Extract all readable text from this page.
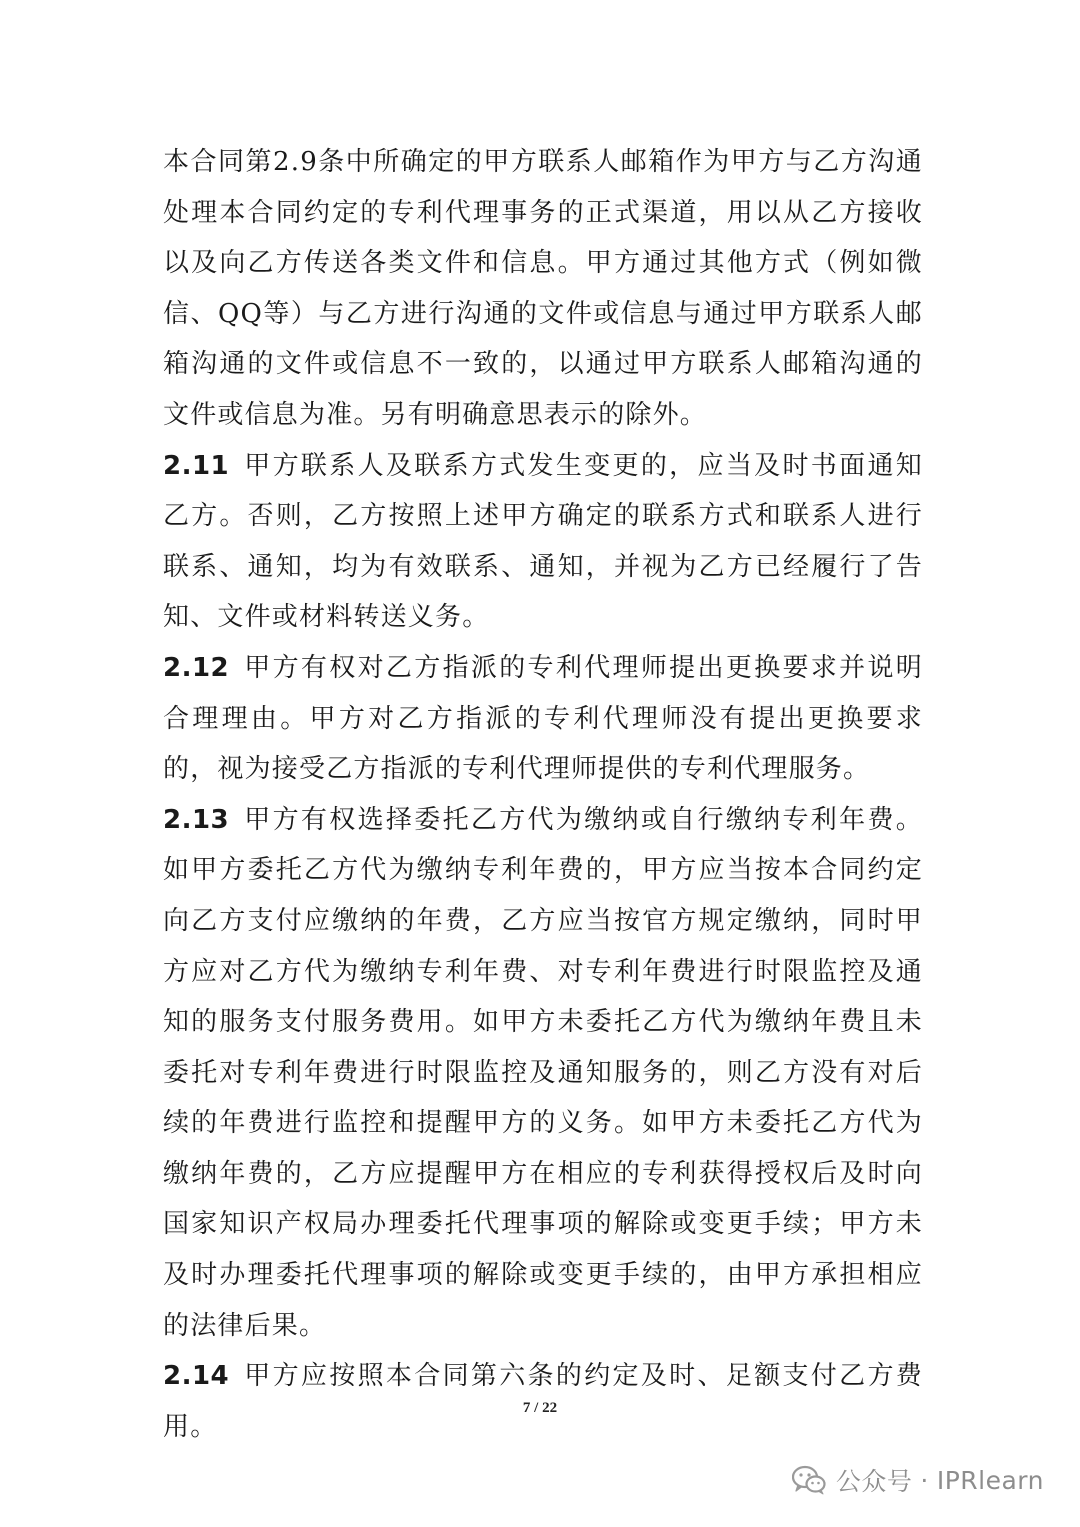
本合同第2.9条中所确定的甲方联系人邮箱作为甲方与乙方沟通处理本合同约定的专利代理事务的正式渠道，用以从乙方接收以及向乙方传送各类文件和信息。甲方通过其他方式（例如微信、QQ等）与乙方进行沟通的文件或信息与通过甲方联系人邮箱沟通的文件或信息不一致的，以通过甲方联系人邮箱沟通的文件或信息为准。另有明确意思表示的除外。

2.11 甲方联系人及联系方式发生变更的，应当及时书面通知乙方。否则，乙方按照上述甲方确定的联系方式和联系人进行联系、通知，均为有效联系、通知，并视为乙方已经履行了告知、文件或材料转送义务。

2.12 甲方有权对乙方指派的专利代理师提出更换要求并说明合理理由。甲方对乙方指派的专利代理师没有提出更换要求的，视为接受乙方指派的专利代理师提供的专利代理服务。

2.13 甲方有权选择委托乙方代为缴纳或自行缴纳专利年费。如甲方委托乙方代为缴纳专利年费的，甲方应当按本合同约定向乙方支付应缴纳的年费，乙方应当按官方规定缴纳，同时甲方应对乙方代为缴纳专利年费、对专利年费进行时限监控及通知的服务支付服务费用。如甲方未委托乙方代为缴纳年费且未委托对专利年费进行时限监控及通知服务的，则乙方没有对后续的年费进行监控和提醒甲方的义务。如甲方未委托乙方代为缴纳年费的，乙方应提醒甲方在相应的专利获得授权后及时向国家知识产权局办理委托代理事项的解除或变更手续；甲方未及时办理委托代理事项的解除或变更手续的，由甲方承担相应的法律后果。

2.14 甲方应按照本合同第六条的约定及时、足额支付乙方费用。

7 / 22
公众号 · IPRlearn
